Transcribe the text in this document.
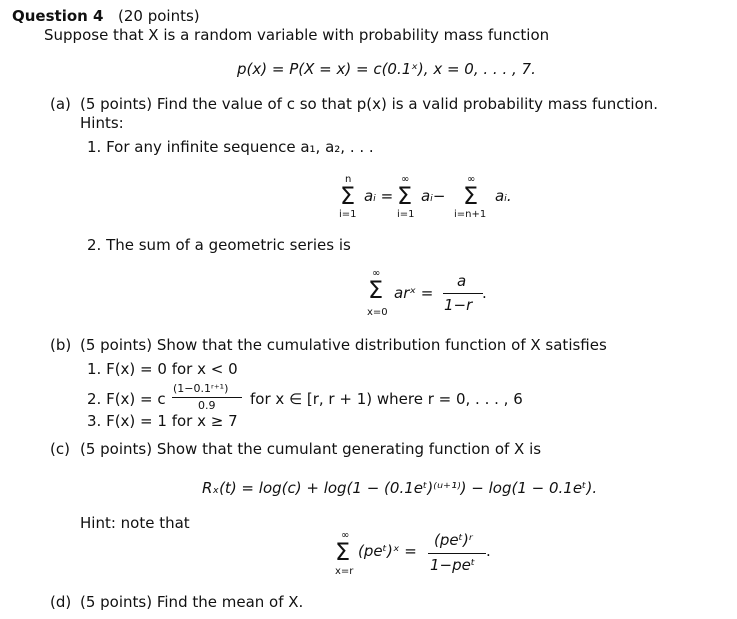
Question 4 (20 points)
Suppose that X is a random variable with probability mass function
p(x) = P(X = x) = c(0.1ˣ), x = 0, . . . , 7.
(a) (5 points) Find the value of c so that p(x) is a valid probability mass function.
Hints:
1. For any infinite sequence a₁, a₂, . . .
n
Σ
i=1
aᵢ =
∞
Σ
i=1
aᵢ−
∞
Σ
i=n+1
aᵢ.
2. The sum of a geometric series is
∞
Σ
x=0
arˣ =
a
1−r
.
(b) (5 points) Show that the cumulative distribution function of X satisfies
1. F(x) = 0 for x < 0
2. F(x) = c
(1−0.1ʳ⁺¹)
0.9 for x ∈ [r, r + 1) where r = 0, . . . , 6
3. F(x) = 1 for x ≥ 7
(c) (5 points) Show that the cumulant generating function of X is
Rₓ(t) = log(c) + log(1 − (0.1eᵗ)⁽ᵘ⁺¹⁾) − log(1 − 0.1eᵗ).
Hint: note that
∞
Σ
x=r
(peᵗ)ˣ =
(peᵗ)ʳ
1−peᵗ
.
(d) (5 points) Find the mean of X.
